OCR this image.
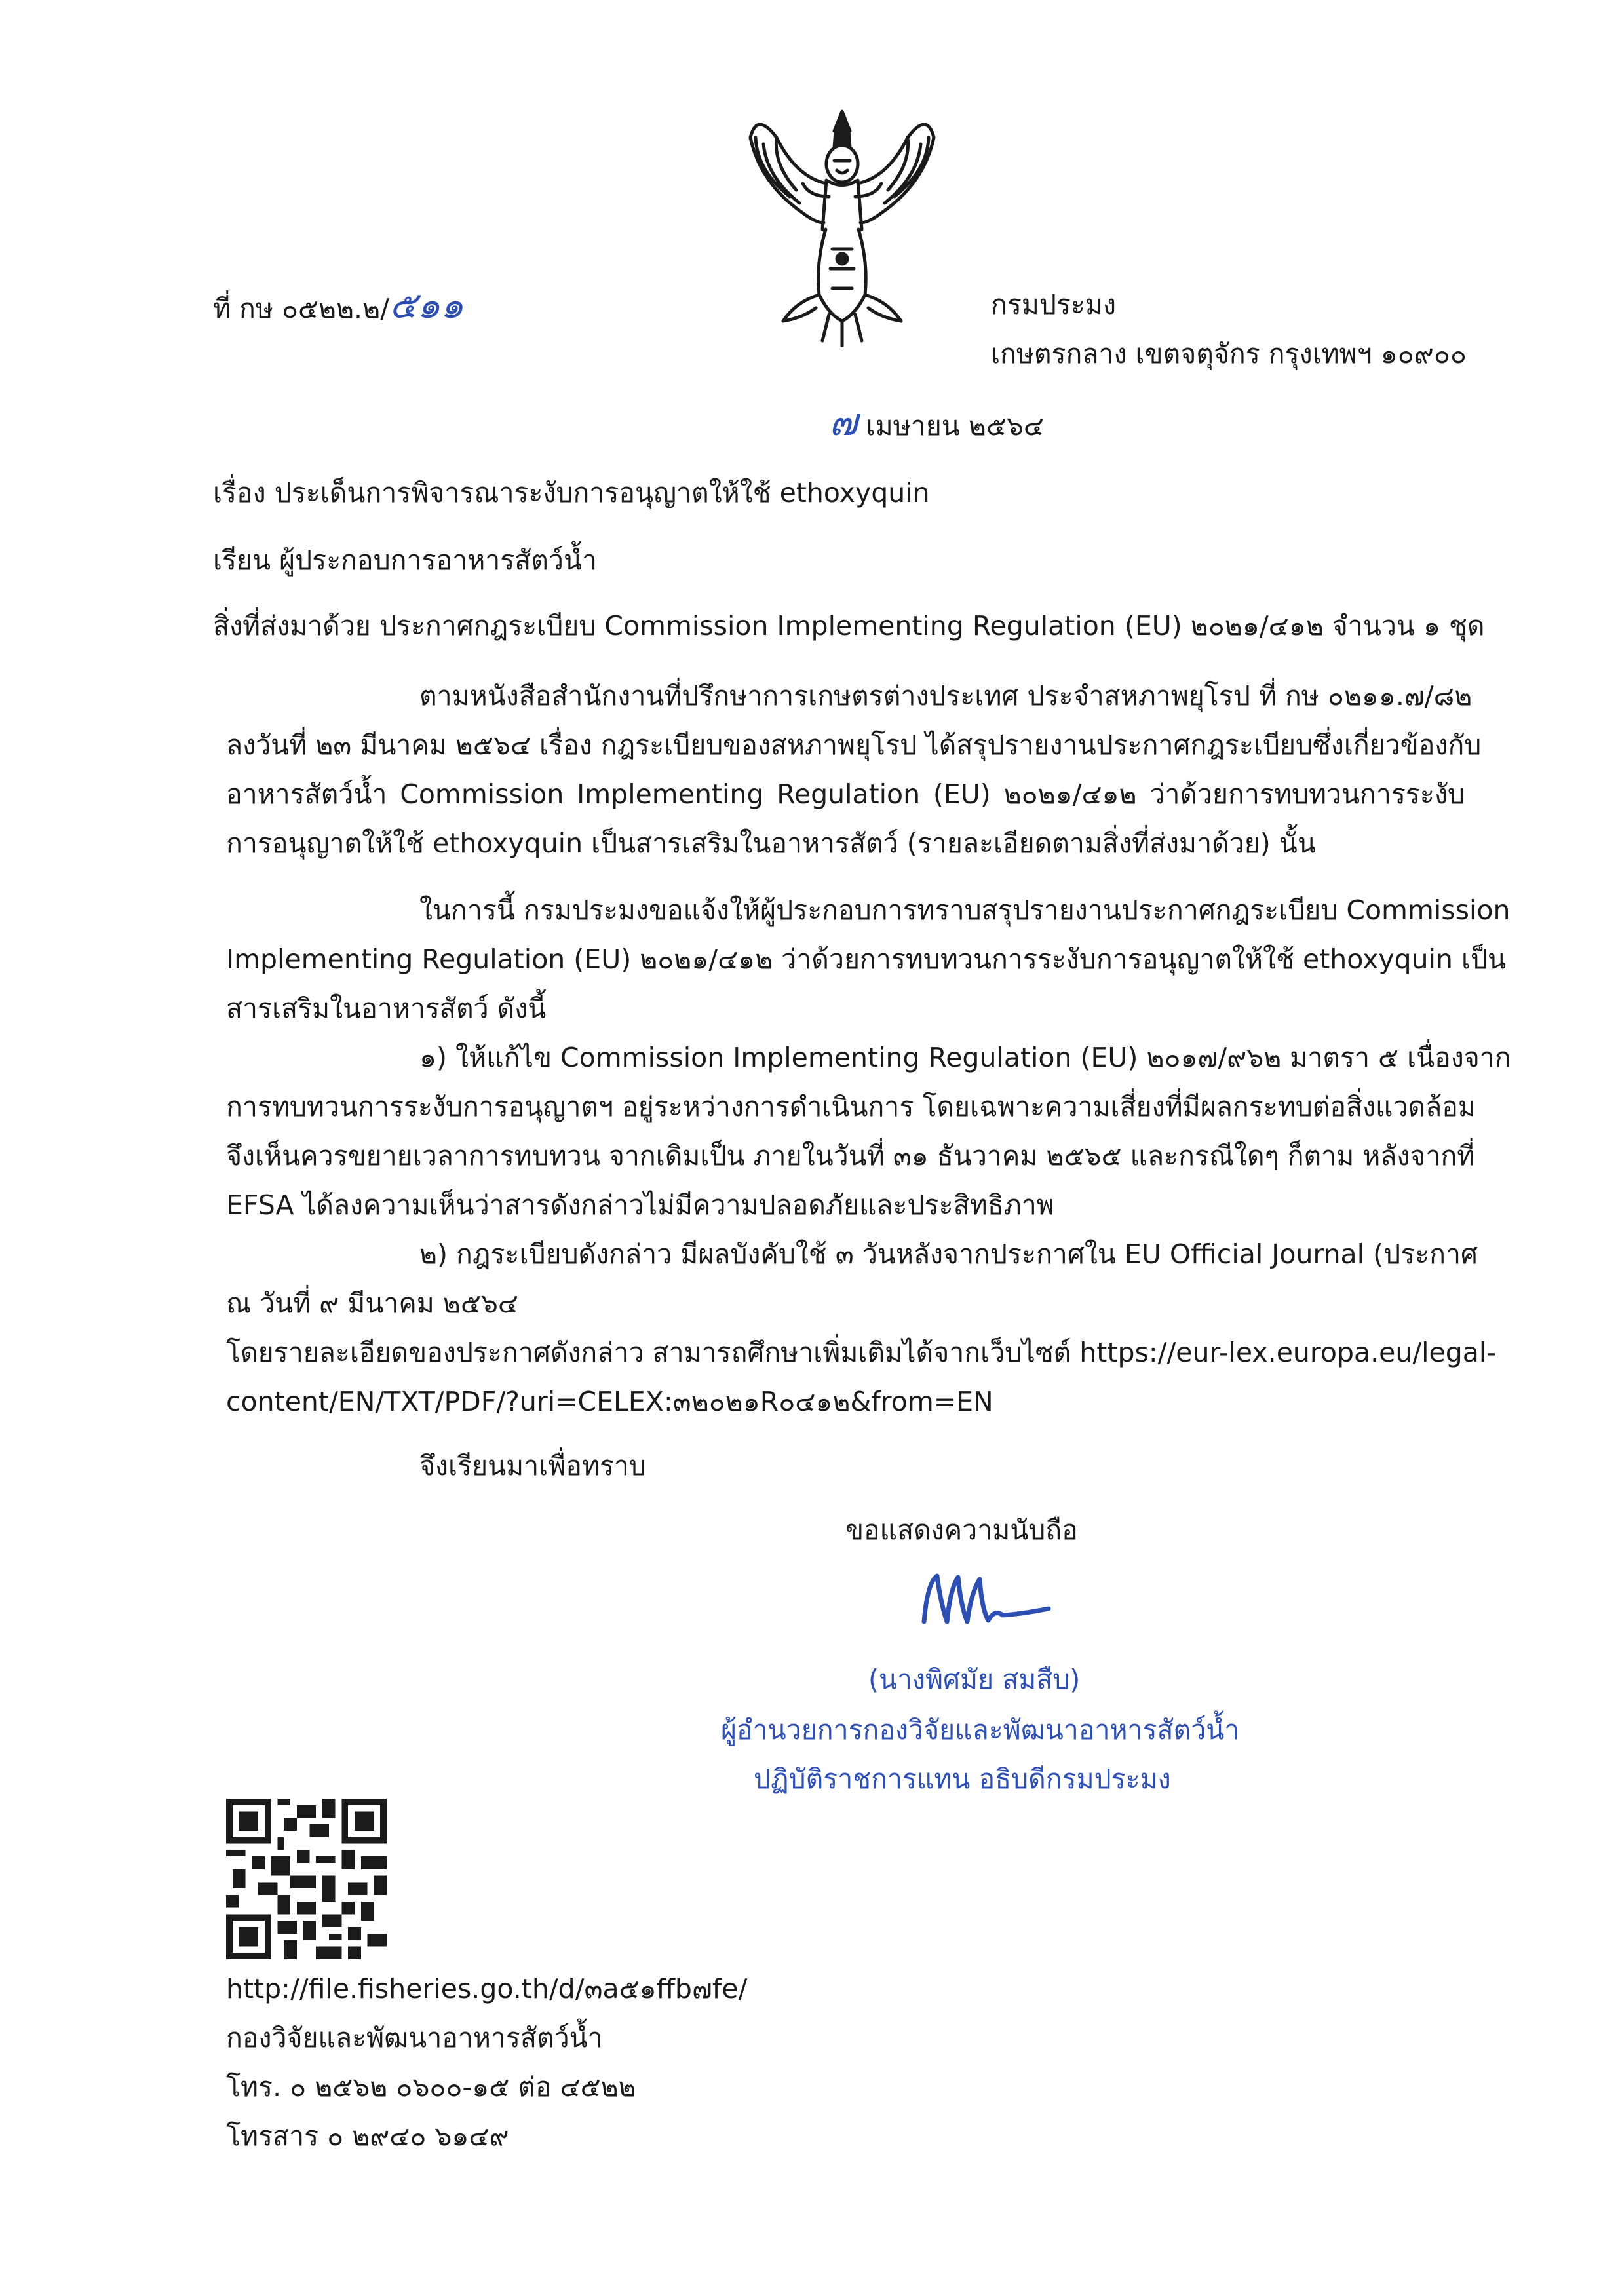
ที่ กษ ๐๕๒๒.๒/๕๑๑	กรมประมง
เกษตรกลาง เขตจตุจักร กรุงเทพฯ ๑๐๙๐๐
๗ เมษายน ๒๕๖๔
เรื่อง ประเด็นการพิจารณาระงับการอนุญาตให้ใช้ ethoxyquin
เรียน ผู้ประกอบการอาหารสัตว์น้ำ
สิ่งที่ส่งมาด้วย ประกาศกฎระเบียบ Commission Implementing Regulation (EU) ๒๐๒๑/๔๑๒ จำนวน ๑ ชุด
ตามหนังสือสำนักงานที่ปรึกษาการเกษตรต่างประเทศ ประจำสหภาพยุโรป ที่ กษ ๐๒๑๑.๗/๘๒
ลงวันที่ ๒๓ มีนาคม ๒๕๖๔ เรื่อง กฎระเบียบของสหภาพยุโรป ได้สรุปรายงานประกาศกฎระเบียบซึ่งเกี่ยวข้องกับ
อาหารสัตว์น้ำ Commission Implementing Regulation (EU) ๒๐๒๑/๔๑๒ ว่าด้วยการทบทวนการระงับ
การอนุญาตให้ใช้ ethoxyquin เป็นสารเสริมในอาหารสัตว์ (รายละเอียดตามสิ่งที่ส่งมาด้วย) นั้น
ในการนี้ กรมประมงขอแจ้งให้ผู้ประกอบการทราบสรุปรายงานประกาศกฎระเบียบ Commission
Implementing Regulation (EU) ๒๐๒๑/๔๑๒ ว่าด้วยการทบทวนการระงับการอนุญาตให้ใช้ ethoxyquin เป็น
สารเสริมในอาหารสัตว์ ดังนี้
๑) ให้แก้ไข Commission Implementing Regulation (EU) ๒๐๑๗/๙๖๒ มาตรา ๕ เนื่องจาก
การทบทวนการระงับการอนุญาตฯ อยู่ระหว่างการดำเนินการ โดยเฉพาะความเสี่ยงที่มีผลกระทบต่อสิ่งแวดล้อม
จึงเห็นควรขยายเวลาการทบทวน จากเดิมเป็น ภายในวันที่ ๓๑ ธันวาคม ๒๕๖๕ และกรณีใดๆ ก็ตาม หลังจากที่
EFSA ได้ลงความเห็นว่าสารดังกล่าวไม่มีความปลอดภัยและประสิทธิภาพ
๒) กฎระเบียบดังกล่าว มีผลบังคับใช้ ๓ วันหลังจากประกาศใน EU Official Journal (ประกาศ
ณ วันที่ ๙ มีนาคม ๒๕๖๔
โดยรายละเอียดของประกาศดังกล่าว สามารถศึกษาเพิ่มเติมได้จากเว็บไซต์ https://eur-lex.europa.eu/legal-
content/EN/TXT/PDF/?uri=CELEX:๓๒๐๒๑R๐๔๑๒&from=EN
จึงเรียนมาเพื่อทราบ
ขอแสดงความนับถือ
(นางพิศมัย สมสืบ)
ผู้อำนวยการกองวิจัยและพัฒนาอาหารสัตว์น้ำ
ปฏิบัติราชการแทน อธิบดีกรมประมง
http://file.fisheries.go.th/d/๓a๕๑ffb๗fe/
กองวิจัยและพัฒนาอาหารสัตว์น้ำ
โทร. ๐ ๒๕๖๒ ๐๖๐๐-๑๕ ต่อ ๔๕๒๒
โทรสาร ๐ ๒๙๔๐ ๖๑๔๙
